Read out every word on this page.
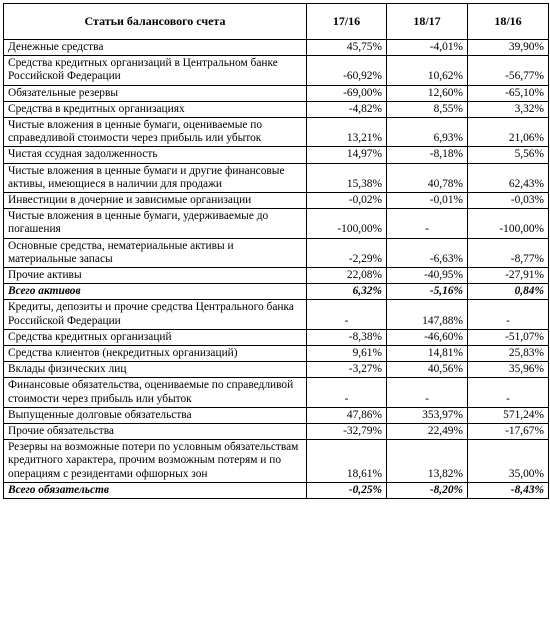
Статьи балансового счета	17/16	18/17	18/16
Денежные средства	45,75%	-4,01%	39,90%
Средства кредитных организаций в Центральном банке Российской Федерации	-60,92%	10,62%	-56,77%
Обязательные резервы	-69,00%	12,60%	-65,10%
Средства в кредитных организациях	-4,82%	8,55%	3,32%
Чистые вложения в ценные бумаги, оцениваемые по справедливой стоимости через прибыль или убыток	13,21%	6,93%	21,06%
Чистая ссудная задолженность	14,97%	-8,18%	5,56%
Чистые вложения в ценные бумаги и другие финансовые активы, имеющиеся в наличии для продажи	15,38%	40,78%	62,43%
Инвестиции в дочерние и зависимые организации	-0,02%	-0,01%	-0,03%
Чистые вложения в ценные бумаги, удерживаемые до погашения	-100,00%	-	-100,00%
Основные средства, нематериальные активы и материальные запасы	-2,29%	-6,63%	-8,77%
Прочие активы	22,08%	-40,95%	-27,91%
Всего активов	6,32%	-5,16%	0,84%
Кредиты, депозиты и прочие средства Центрального банка Российской Федерации	-	147,88%	-
Средства кредитных организаций	-8,38%	-46,60%	-51,07%
Средства клиентов (некредитных организаций)	9,61%	14,81%	25,83%
Вклады физических лиц	-3,27%	40,56%	35,96%
Финансовые обязательства, оцениваемые по справедливой стоимости через прибыль или убыток	-	-	-
Выпущенные долговые обязательства	47,86%	353,97%	571,24%
Прочие обязательства	-32,79%	22,49%	-17,67%
Резервы на возможные потери по условным обязательствам кредитного характера, прочим возможным потерям и по операциям с резидентами офшорных зон	18,61%	13,82%	35,00%
Всего обязательств	-0,25%	-8,20%	-8,43%
